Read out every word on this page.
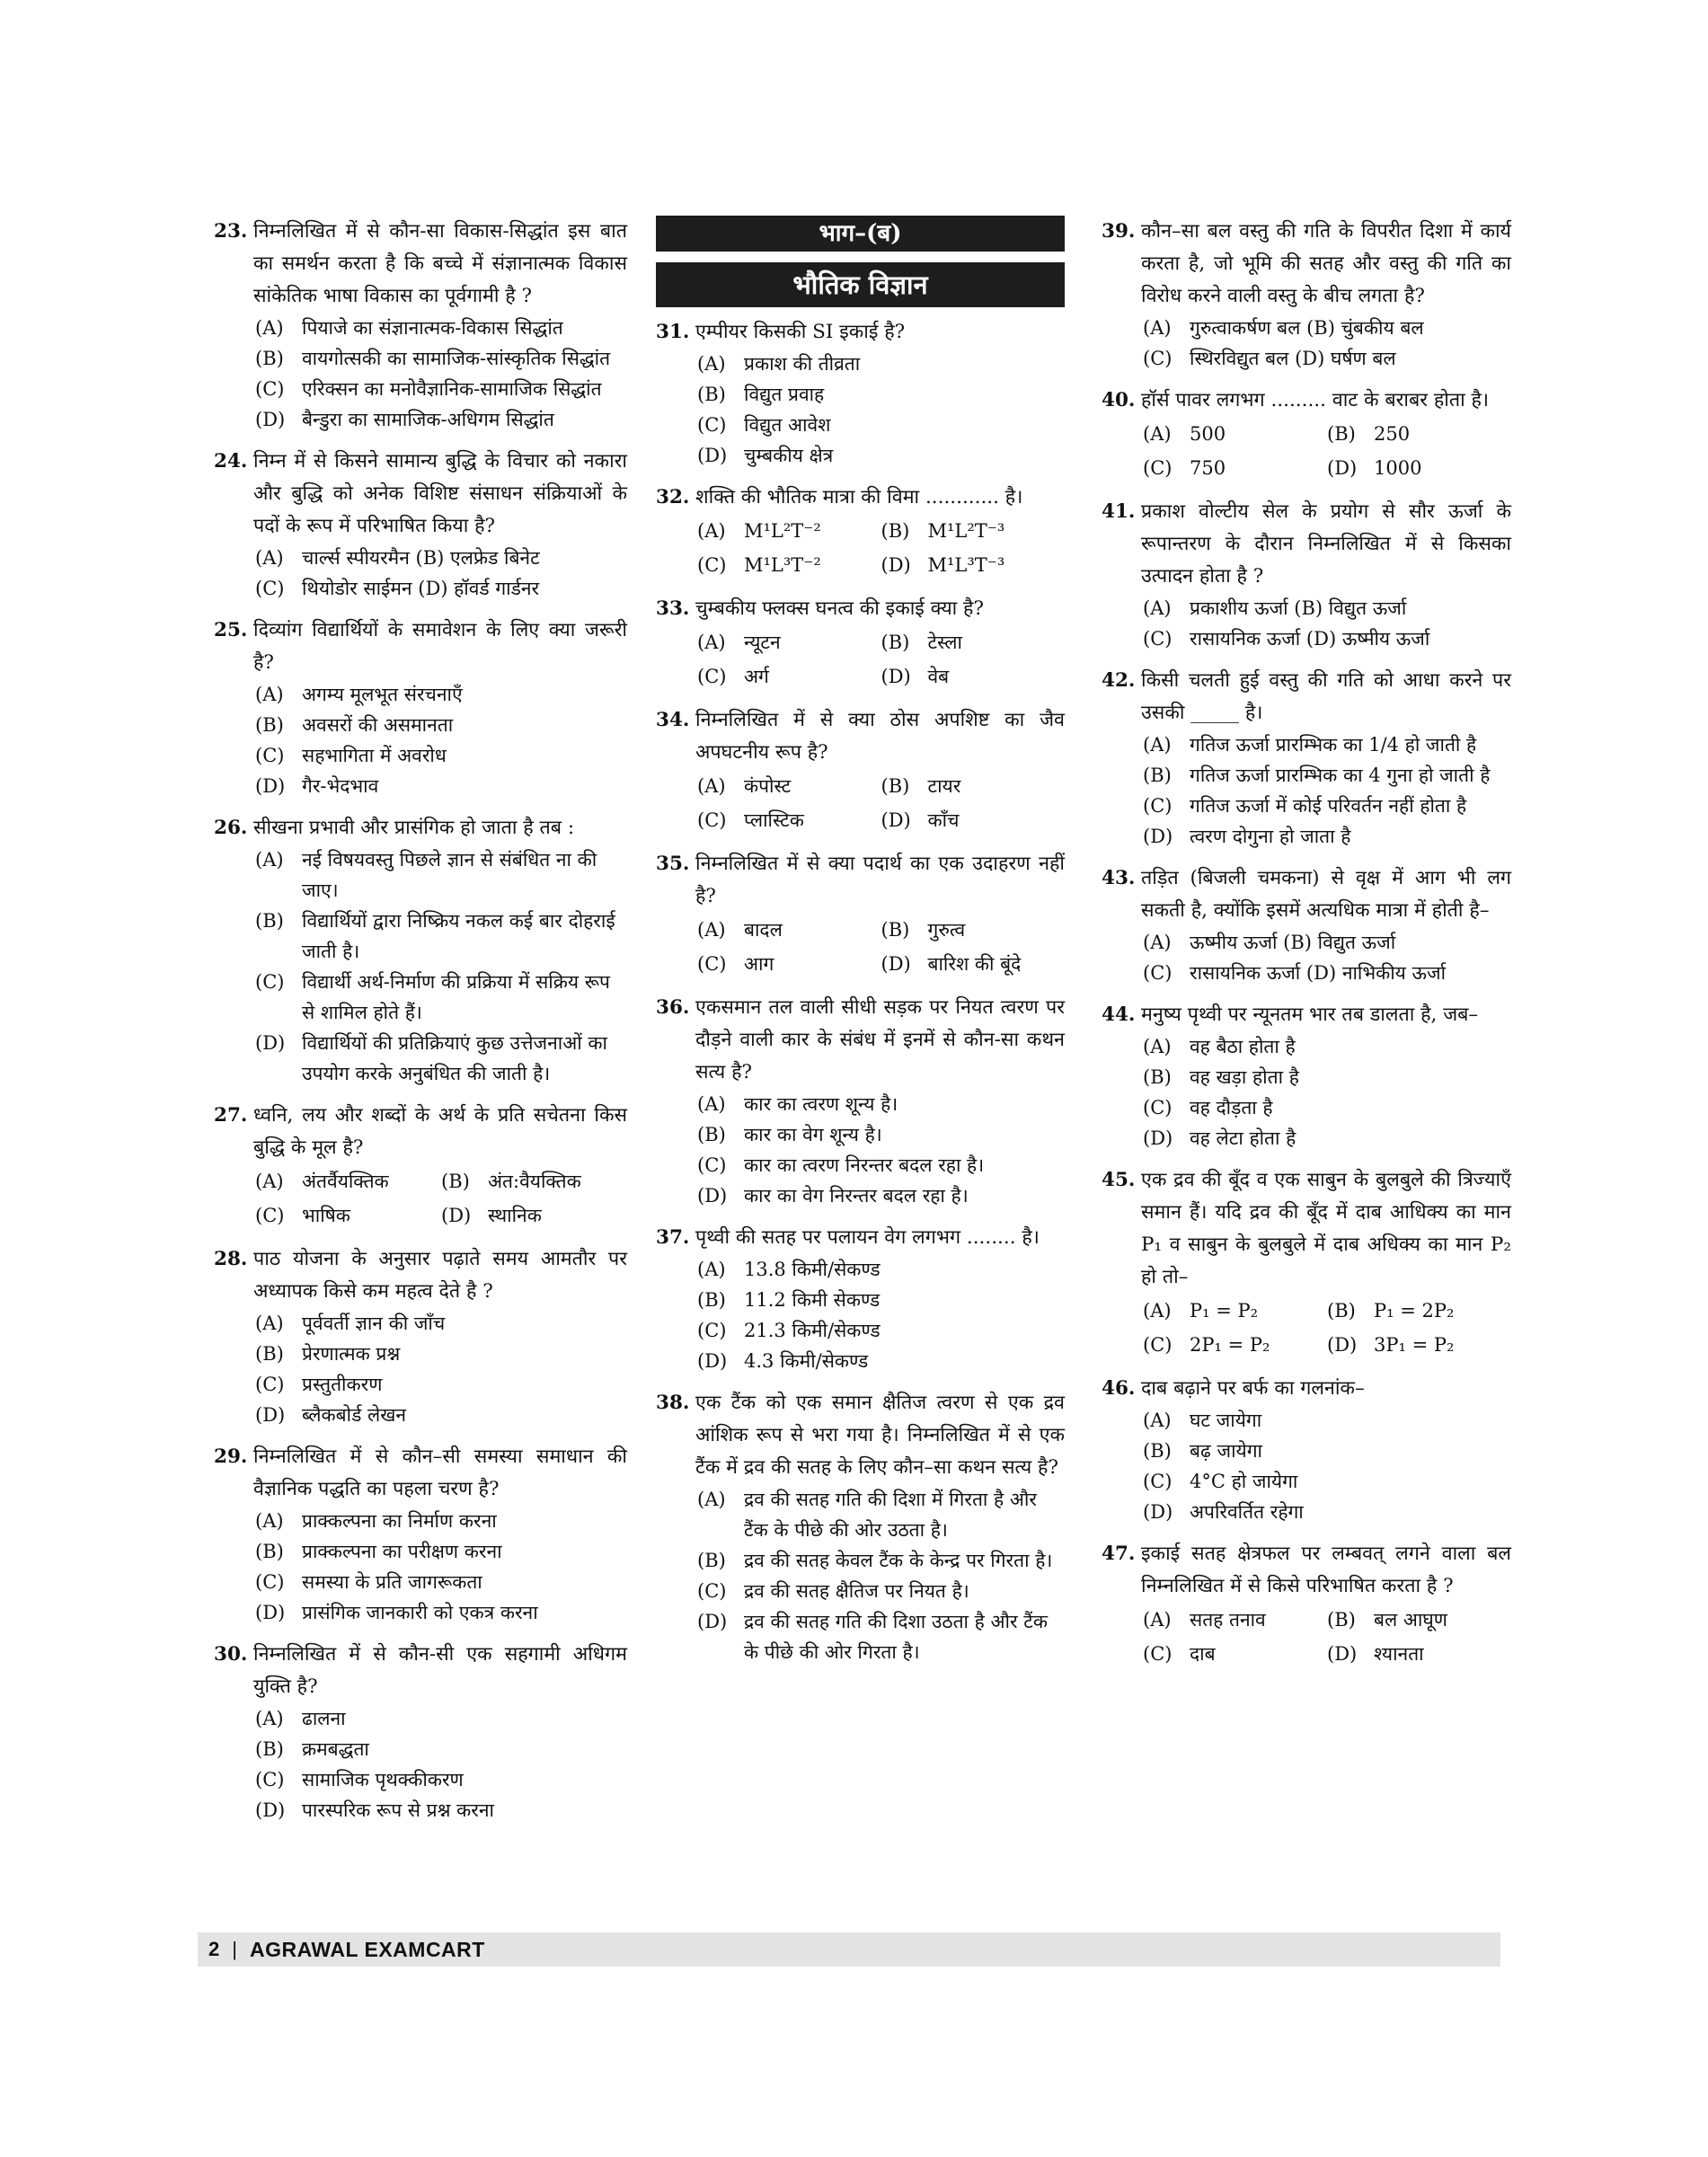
23. निम्नलिखित में से कौन-सा विकास-सिद्धांत इस बात का समर्थन करता है कि बच्चे में संज्ञानात्मक विकास सांकेतिक भाषा विकास का पूर्वगामी है ?
(A) पियाजे का संज्ञानात्मक-विकास सिद्धांत
(B) वायगोत्सकी का सामाजिक-सांस्कृतिक सिद्धांत
(C) एरिक्सन का मनोवैज्ञानिक-सामाजिक सिद्धांत
(D) बैन्डुरा का सामाजिक-अधिगम सिद्धांत
24. निम्न में से किसने सामान्य बुद्धि के विचार को नकारा और बुद्धि को अनेक विशिष्ट संसाधन संक्रियाओं के पदों के रूप में परिभाषित किया है?
(A) चार्ल्स स्पीयरमैन (B) एलफ्रेड बिनेट
(C) थियोडोर साईमन (D) हॉवर्ड गार्डनर
25. दिव्यांग विद्यार्थियों के समावेशन के लिए क्या जरूरी है?
(A) अगम्य मूलभूत संरचनाएँ
(B) अवसरों की असमानता
(C) सहभागिता में अवरोध
(D) गैर-भेदभाव
26. सीखना प्रभावी और प्रासंगिक हो जाता है तब :
(A) नई विषयवस्तु पिछले ज्ञान से संबंधित ना की जाए।
(B) विद्यार्थियों द्वारा निष्क्रिय नकल कई बार दोहराई जाती है।
(C) विद्यार्थी अर्थ-निर्माण की प्रक्रिया में सक्रिय रूप से शामिल होते हैं।
(D) विद्यार्थियों की प्रतिक्रियाएं कुछ उत्तेजनाओं का उपयोग करके अनुबंधित की जाती है।
27. ध्वनि, लय और शब्दों के अर्थ के प्रति सचेतना किस बुद्धि के मूल है?
(A) अंतर्वैयक्तिक	(B) अंत:वैयक्तिक
(C) भाषिक	(D) स्थानिक
28. पाठ योजना के अनुसार पढ़ाते समय आमतौर पर अध्यापक किसे कम महत्व देते है ?
(A) पूर्ववर्ती ज्ञान की जाँच
(B) प्रेरणात्मक प्रश्न
(C) प्रस्तुतीकरण
(D) ब्लैकबोर्ड लेखन
29. निम्नलिखित में से कौन–सी समस्या समाधान की वैज्ञानिक पद्धति का पहला चरण है?
(A) प्राक्कल्पना का निर्माण करना
(B) प्राक्कल्पना का परीक्षण करना
(C) समस्या के प्रति जागरूकता
(D) प्रासंगिक जानकारी को एकत्र करना
30. निम्नलिखित में से कौन-सी एक सहगामी अधिगम युक्ति है?
(A) ढालना
(B) क्रमबद्धता
(C) सामाजिक पृथक्कीकरण
(D) पारस्परिक रूप से प्रश्न करना
भाग–(ब)
भौतिक विज्ञान
31. एम्पीयर किसकी SI इकाई है?
(A) प्रकाश की तीव्रता
(B) विद्युत प्रवाह
(C) विद्युत आवेश
(D) चुम्बकीय क्षेत्र
32. शक्ति की भौतिक मात्रा की विमा ............ है।
(A) M¹L²T⁻²	(B) M¹L²T⁻³
(C) M¹L³T⁻²	(D) M¹L³T⁻³
33. चुम्बकीय फ्लक्स घनत्व की इकाई क्या है?
(A) न्यूटन	(B) टेस्ला
(C) अर्ग	(D) वेब
34. निम्नलिखित में से क्या ठोस अपशिष्ट का जैव अपघटनीय रूप है?
(A) कंपोस्ट	(B) टायर
(C) प्लास्टिक	(D) काँच
35. निम्नलिखित में से क्या पदार्थ का एक उदाहरण नहीं है?
(A) बादल	(B) गुरुत्व
(C) आग	(D) बारिश की बूंदे
36. एकसमान तल वाली सीधी सड़क पर नियत त्वरण पर दौड़ने वाली कार के संबंध में इनमें से कौन-सा कथन सत्य है?
(A) कार का त्वरण शून्य है।
(B) कार का वेग शून्य है।
(C) कार का त्वरण निरन्तर बदल रहा है।
(D) कार का वेग निरन्तर बदल रहा है।
37. पृथ्वी की सतह पर पलायन वेग लगभग ........ है।
(A) 13.8 किमी/सेकण्ड
(B) 11.2 किमी सेकण्ड
(C) 21.3 किमी/सेकण्ड
(D) 4.3 किमी/सेकण्ड
38. एक टैंक को एक समान क्षैतिज त्वरण से एक द्रव आंशिक रूप से भरा गया है। निम्नलिखित में से एक टैंक में द्रव की सतह के लिए कौन–सा कथन सत्य है?
(A) द्रव की सतह गति की दिशा में गिरता है और टैंक के पीछे की ओर उठता है।
(B) द्रव की सतह केवल टैंक के केन्द्र पर गिरता है।
(C) द्रव की सतह क्षैतिज पर नियत है।
(D) द्रव की सतह गति की दिशा उठता है और टैंक के पीछे की ओर गिरता है।
39. कौन–सा बल वस्तु की गति के विपरीत दिशा में कार्य करता है, जो भूमि की सतह और वस्तु की गति का विरोध करने वाली वस्तु के बीच लगता है?
(A) गुरुत्वाकर्षण बल (B) चुंबकीय बल
(C) स्थिरविद्युत बल (D) घर्षण बल
40. हॉर्स पावर लगभग ......... वाट के बराबर होता है।
(A) 500	(B) 250
(C) 750	(D) 1000
41. प्रकाश वोल्टीय सेल के प्रयोग से सौर ऊर्जा के रूपान्तरण के दौरान निम्नलिखित में से किसका उत्पादन होता है ?
(A) प्रकाशीय ऊर्जा (B) विद्युत ऊर्जा
(C) रासायनिक ऊर्जा (D) ऊष्मीय ऊर्जा
42. किसी चलती हुई वस्तु की गति को आधा करने पर उसकी _____ है।
(A) गतिज ऊर्जा प्रारम्भिक का 1/4 हो जाती है
(B) गतिज ऊर्जा प्रारम्भिक का 4 गुना हो जाती है
(C) गतिज ऊर्जा में कोई परिवर्तन नहीं होता है
(D) त्वरण दोगुना हो जाता है
43. तड़ित (बिजली चमकना) से वृक्ष में आग भी लग सकती है, क्योंकि इसमें अत्यधिक मात्रा में होती है–
(A) ऊष्मीय ऊर्जा (B) विद्युत ऊर्जा
(C) रासायनिक ऊर्जा (D) नाभिकीय ऊर्जा
44. मनुष्य पृथ्वी पर न्यूनतम भार तब डालता है, जब–
(A) वह बैठा होता है
(B) वह खड़ा होता है
(C) वह दौड़ता है
(D) वह लेटा होता है
45. एक द्रव की बूँद व एक साबुन के बुलबुले की त्रिज्याएँ समान हैं। यदि द्रव की बूँद में दाब आधिक्य का मान P₁ व साबुन के बुलबुले में दाब अधिक्य का मान P₂ हो तो–
(A) P₁ = P₂	(B) P₁ = 2P₂
(C) 2P₁ = P₂	(D) 3P₁ = P₂
46. दाब बढ़ाने पर बर्फ का गलनांक–
(A) घट जायेगा
(B) बढ़ जायेगा
(C) 4°C हो जायेगा
(D) अपरिवर्तित रहेगा
47. इकाई सतह क्षेत्रफल पर लम्बवत् लगने वाला बल निम्नलिखित में से किसे परिभाषित करता है ?
(A) सतह तनाव	(B) बल आघूण
(C) दाब	(D) श्यानता
2 | AGRAWAL EXAMCART
